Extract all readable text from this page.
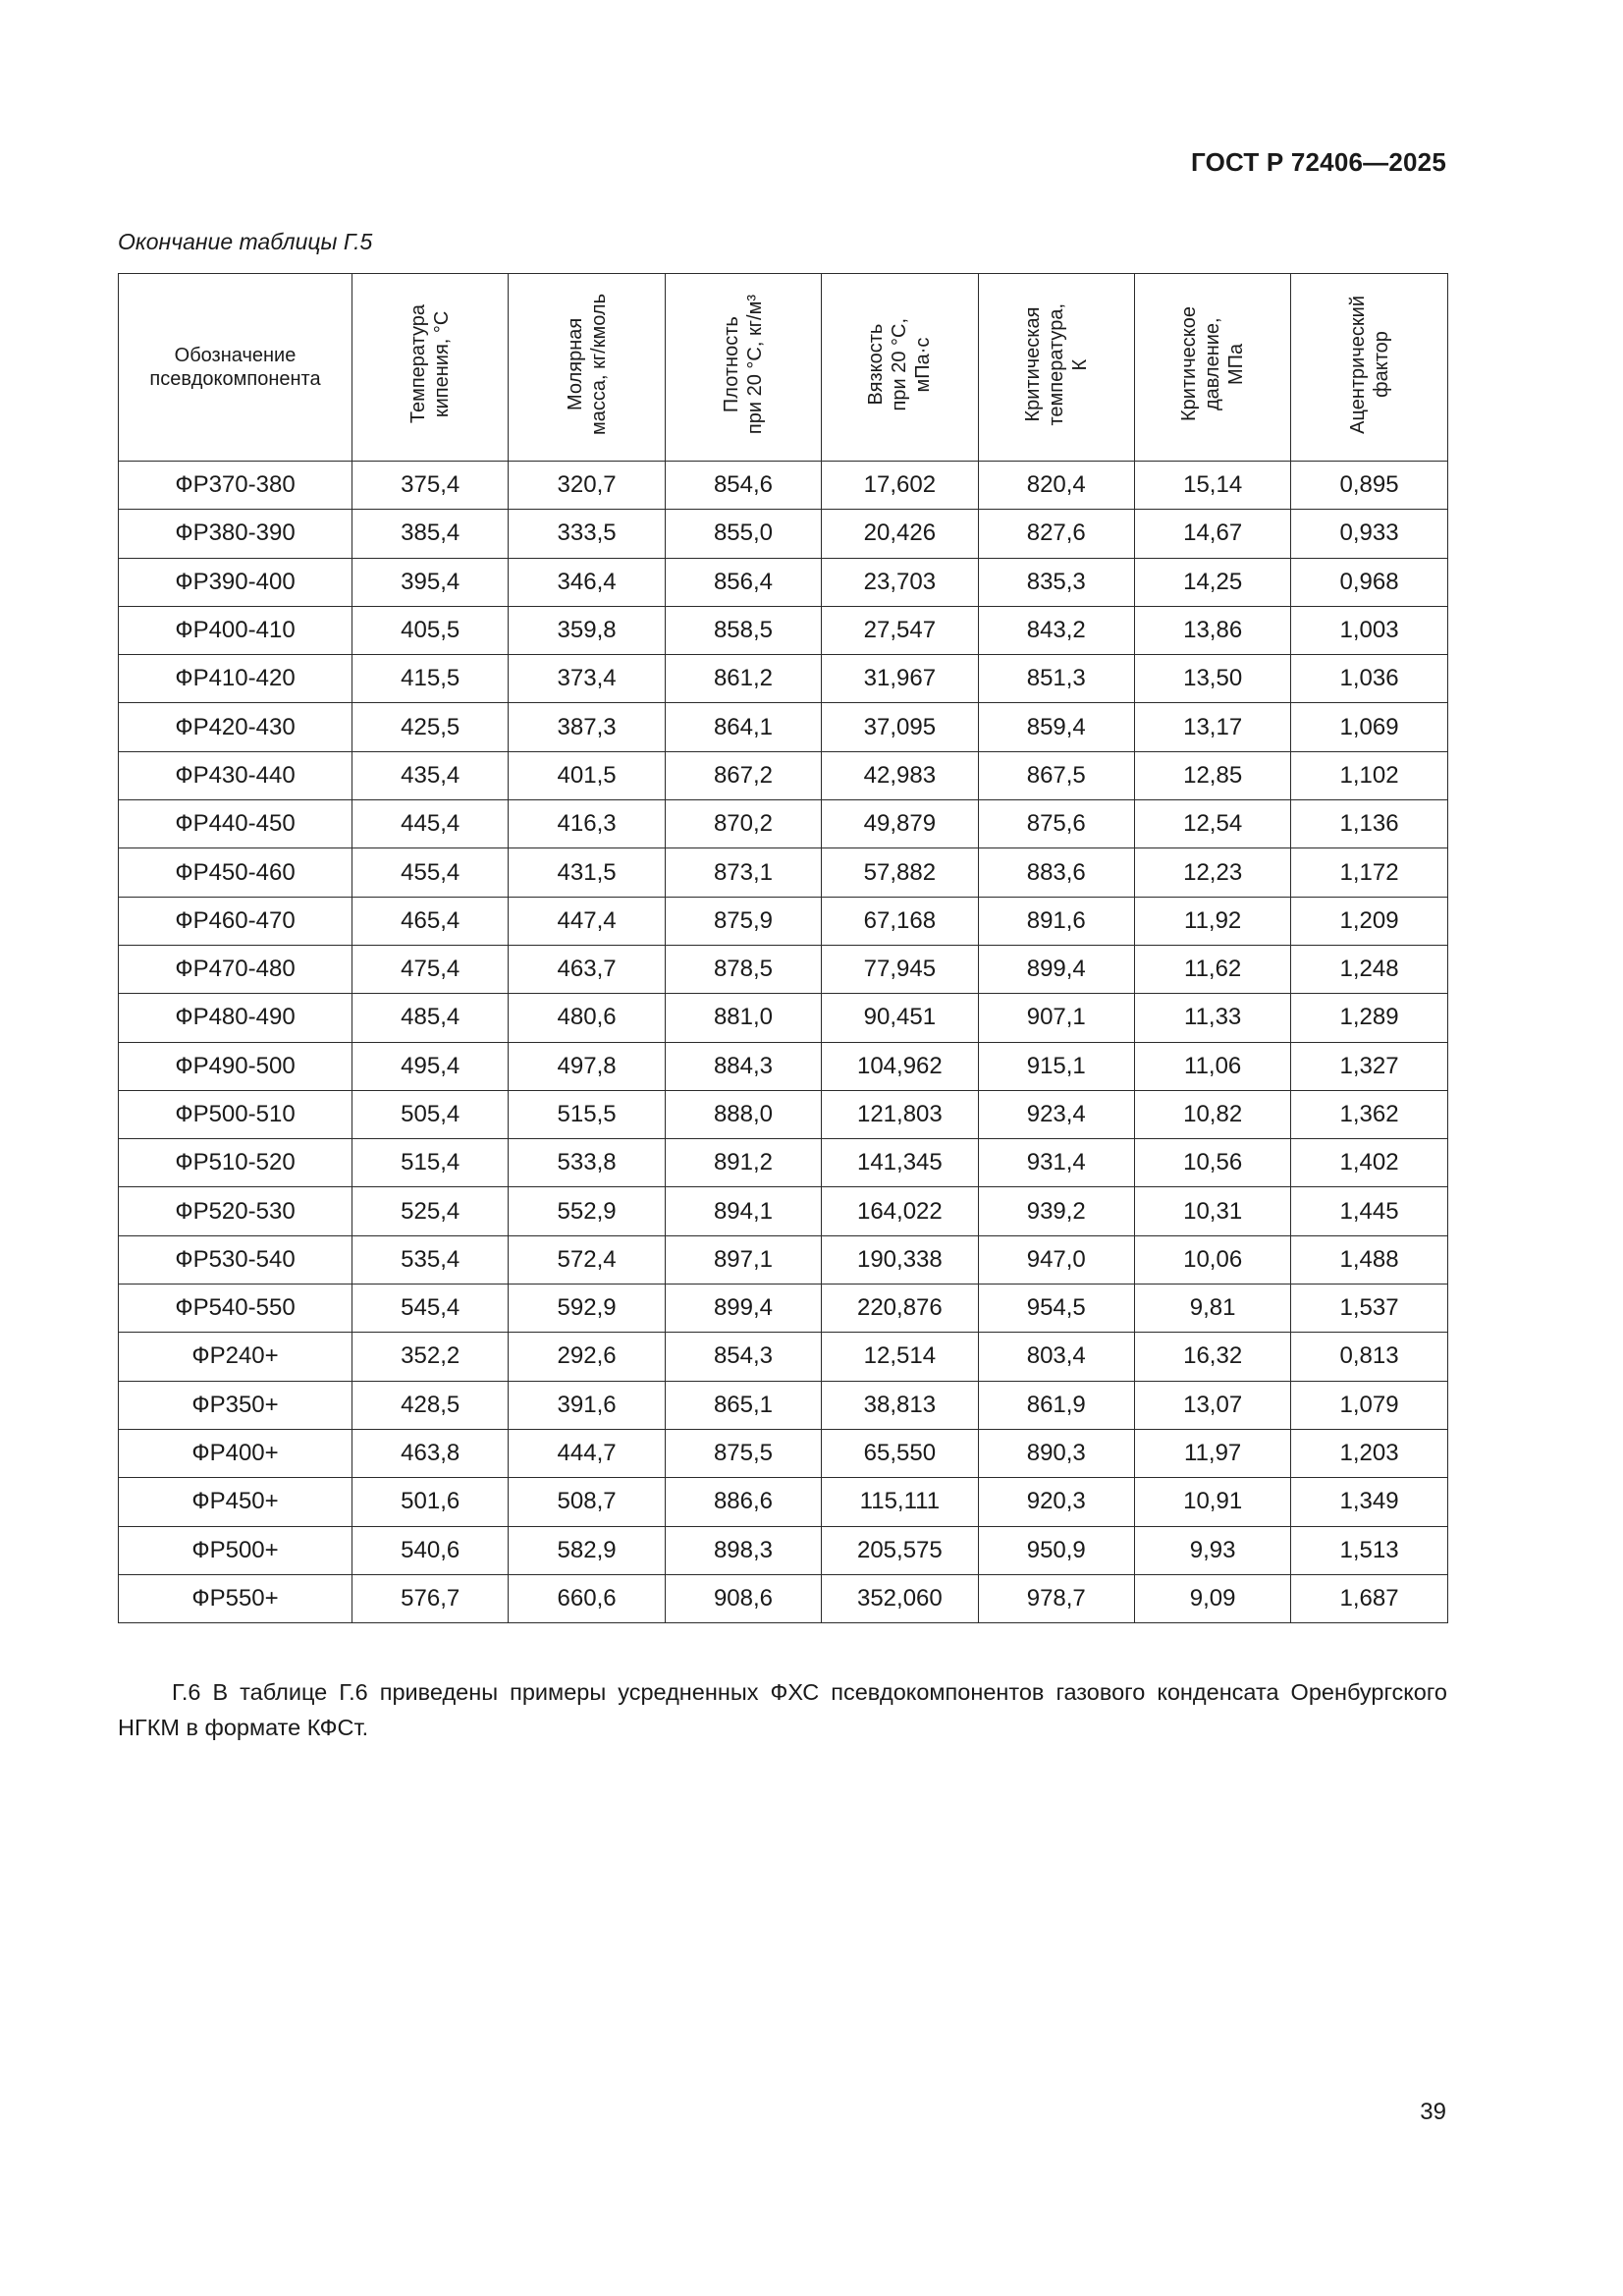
ГОСТ Р 72406—2025
Окончание таблицы Г.5
Обозначение
псевдокомпонента	Температура кипения, °С	Молярная масса, кг/кмоль	Плотность при 20 °С, кг/м³	Вязкость при 20 °С, мПа·с	Критическая температура, К	Критическое давление, МПа	Ацентрический фактор
ФР370-380	375,4	320,7	854,6	17,602	820,4	15,14	0,895
ФР380-390	385,4	333,5	855,0	20,426	827,6	14,67	0,933
ФР390-400	395,4	346,4	856,4	23,703	835,3	14,25	0,968
ФР400-410	405,5	359,8	858,5	27,547	843,2	13,86	1,003
ФР410-420	415,5	373,4	861,2	31,967	851,3	13,50	1,036
ФР420-430	425,5	387,3	864,1	37,095	859,4	13,17	1,069
ФР430-440	435,4	401,5	867,2	42,983	867,5	12,85	1,102
ФР440-450	445,4	416,3	870,2	49,879	875,6	12,54	1,136
ФР450-460	455,4	431,5	873,1	57,882	883,6	12,23	1,172
ФР460-470	465,4	447,4	875,9	67,168	891,6	11,92	1,209
ФР470-480	475,4	463,7	878,5	77,945	899,4	11,62	1,248
ФР480-490	485,4	480,6	881,0	90,451	907,1	11,33	1,289
ФР490-500	495,4	497,8	884,3	104,962	915,1	11,06	1,327
ФР500-510	505,4	515,5	888,0	121,803	923,4	10,82	1,362
ФР510-520	515,4	533,8	891,2	141,345	931,4	10,56	1,402
ФР520-530	525,4	552,9	894,1	164,022	939,2	10,31	1,445
ФР530-540	535,4	572,4	897,1	190,338	947,0	10,06	1,488
ФР540-550	545,4	592,9	899,4	220,876	954,5	9,81	1,537
ФР240+	352,2	292,6	854,3	12,514	803,4	16,32	0,813
ФР350+	428,5	391,6	865,1	38,813	861,9	13,07	1,079
ФР400+	463,8	444,7	875,5	65,550	890,3	11,97	1,203
ФР450+	501,6	508,7	886,6	115,111	920,3	10,91	1,349
ФР500+	540,6	582,9	898,3	205,575	950,9	9,93	1,513
ФР550+	576,7	660,6	908,6	352,060	978,7	9,09	1,687
Г.6 В таблице Г.6 приведены примеры усредненных ФХС псевдокомпонентов газового конденсата Оренбургского НГКМ в формате КФСт.
39
